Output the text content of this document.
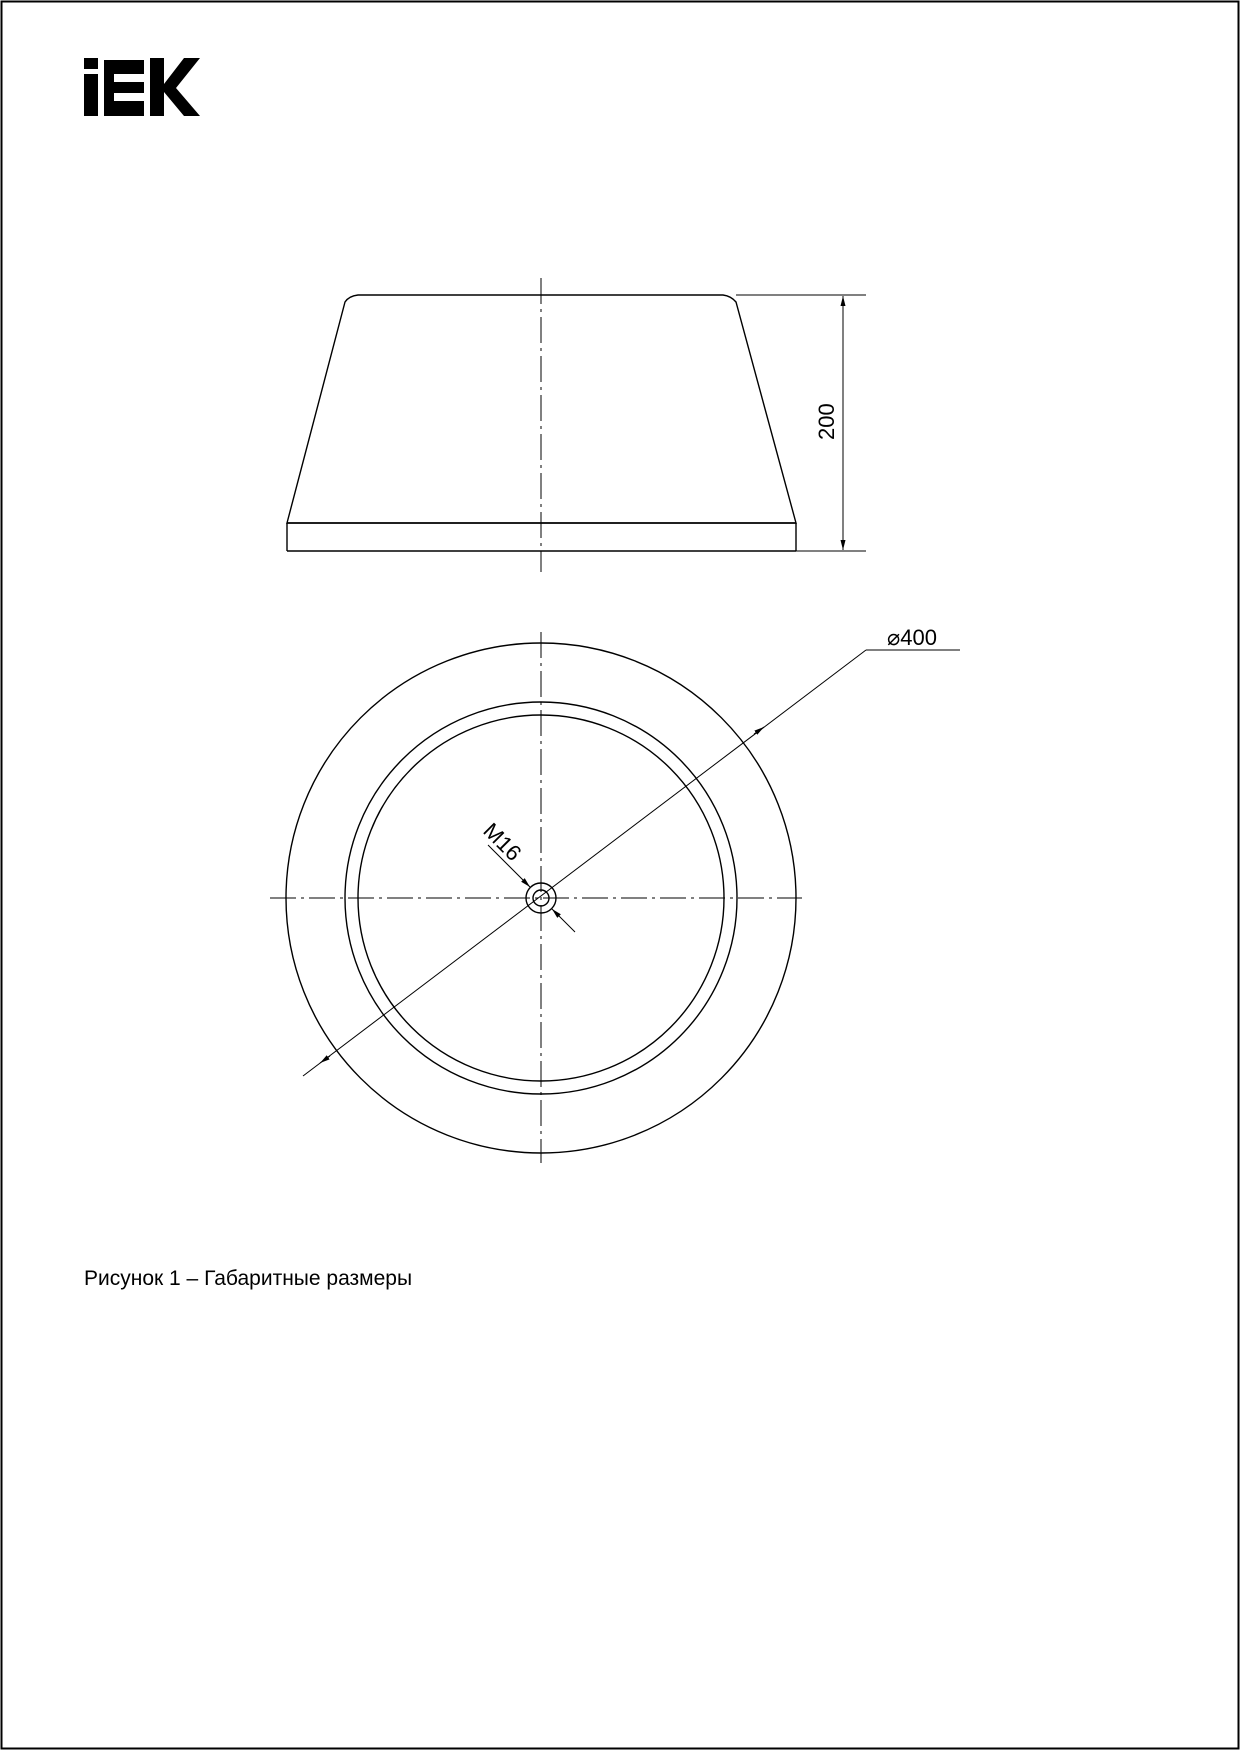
200
⌀400
M16
Рисунок 1 – Габаритные размеры
